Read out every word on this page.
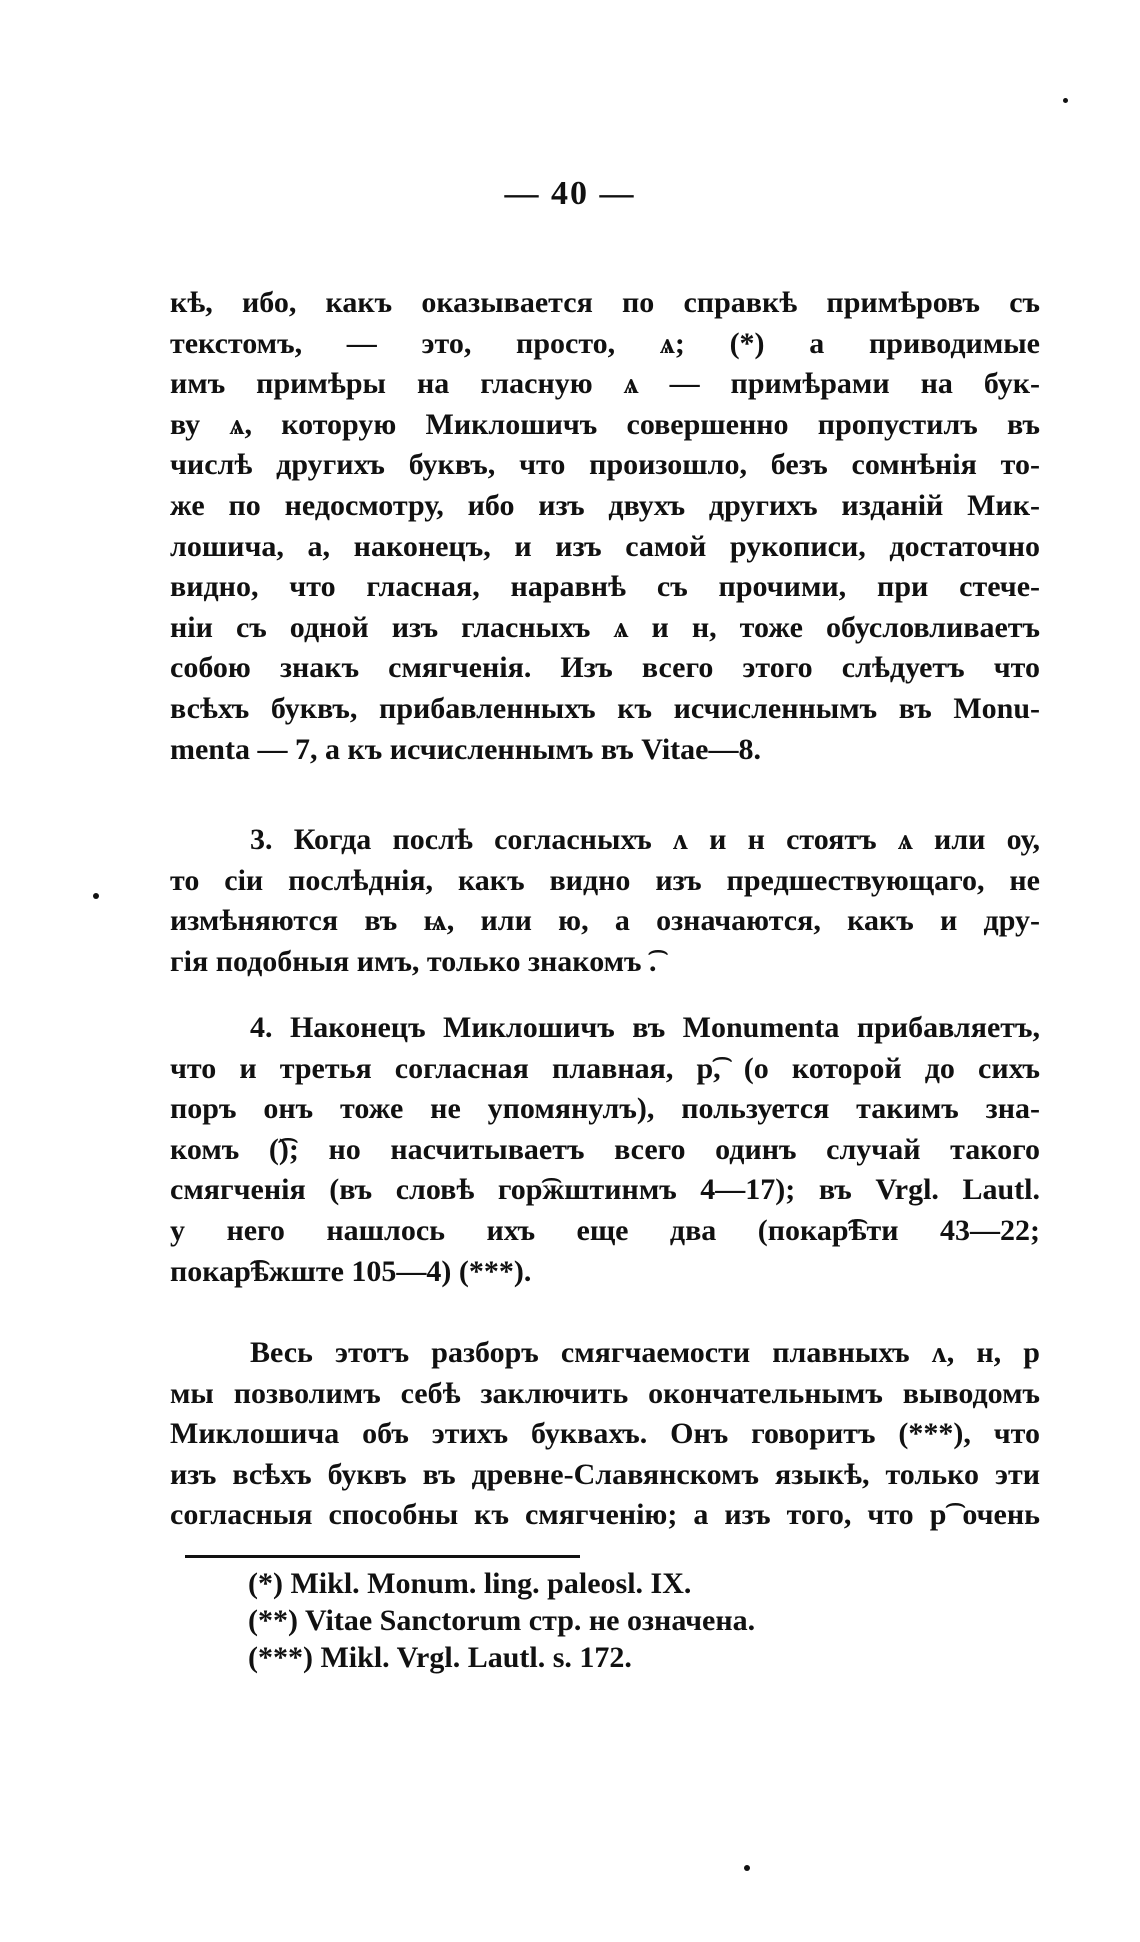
— 40 —
кѣ, ибо, какъ оказывается по справкѣ примѣровъ съ
текстомъ, — это, просто, ѧ; (*) а приводимые
имъ примѣры на гласную ѧ — примѣрами на бук-
ву ѧ, которую Миклошичъ совершенно пропустилъ въ
числѣ другихъ буквъ, что произошло, безъ сомнѣнія то-
же по недосмотру, ибо изъ двухъ другихъ изданій Мик-
лошича, а, наконецъ, и изъ самой рукописи, достаточно
видно, что гласная, наравнѣ съ прочими, при стече-
ніи съ одной изъ гласныхъ ѧ и н, тоже обусловливаетъ
собою знакъ смягченія. Изъ всего этого слѣдуетъ что
всѣхъ буквъ, прибавленныхъ къ исчисленнымъ въ Monu-
menta — 7, а къ исчисленнымъ въ Vitae—8.
3. Когда послѣ согласныхъ ʌ и н стоятъ ѧ или оу,
то сіи послѣднія, какъ видно изъ предшествующаго, не
измѣняются въ ѩ, или ю, а означаются, какъ и дру-
гія подобныя имъ, только знакомъ ͡.
4. Наконецъ Миклошичъ въ Monumenta прибавляетъ,
что и третья согласная плавная, р͡, (о которой до сихъ
поръ онъ тоже не упомянулъ), пользуется такимъ зна-
комъ (͡); но насчитываетъ всего одинъ случай такого
смягченія (въ словѣ гор͡жштинмъ 4—17); въ Vrgl. Lautl.
у него нашлось ихъ еще два (покар͡ѣти 43—22;
покар͡ѣжште 105—4) (***).
Весь этотъ разборъ смягчаемости плавныхъ ʌ, н, р
мы позволимъ себѣ заключить окончательнымъ выводомъ
Миклошича объ этихъ буквахъ. Онъ говоритъ (***), что
изъ всѣхъ буквъ въ древне-Славянскомъ языкѣ, только эти
согласныя способны къ смягченію; а изъ того, что р͡ очень
(*) Mikl. Monum. ling. paleosl. IX.
(**) Vitae Sanctorum стр. не означена.
(***) Mikl. Vrgl. Lautl. s. 172.
